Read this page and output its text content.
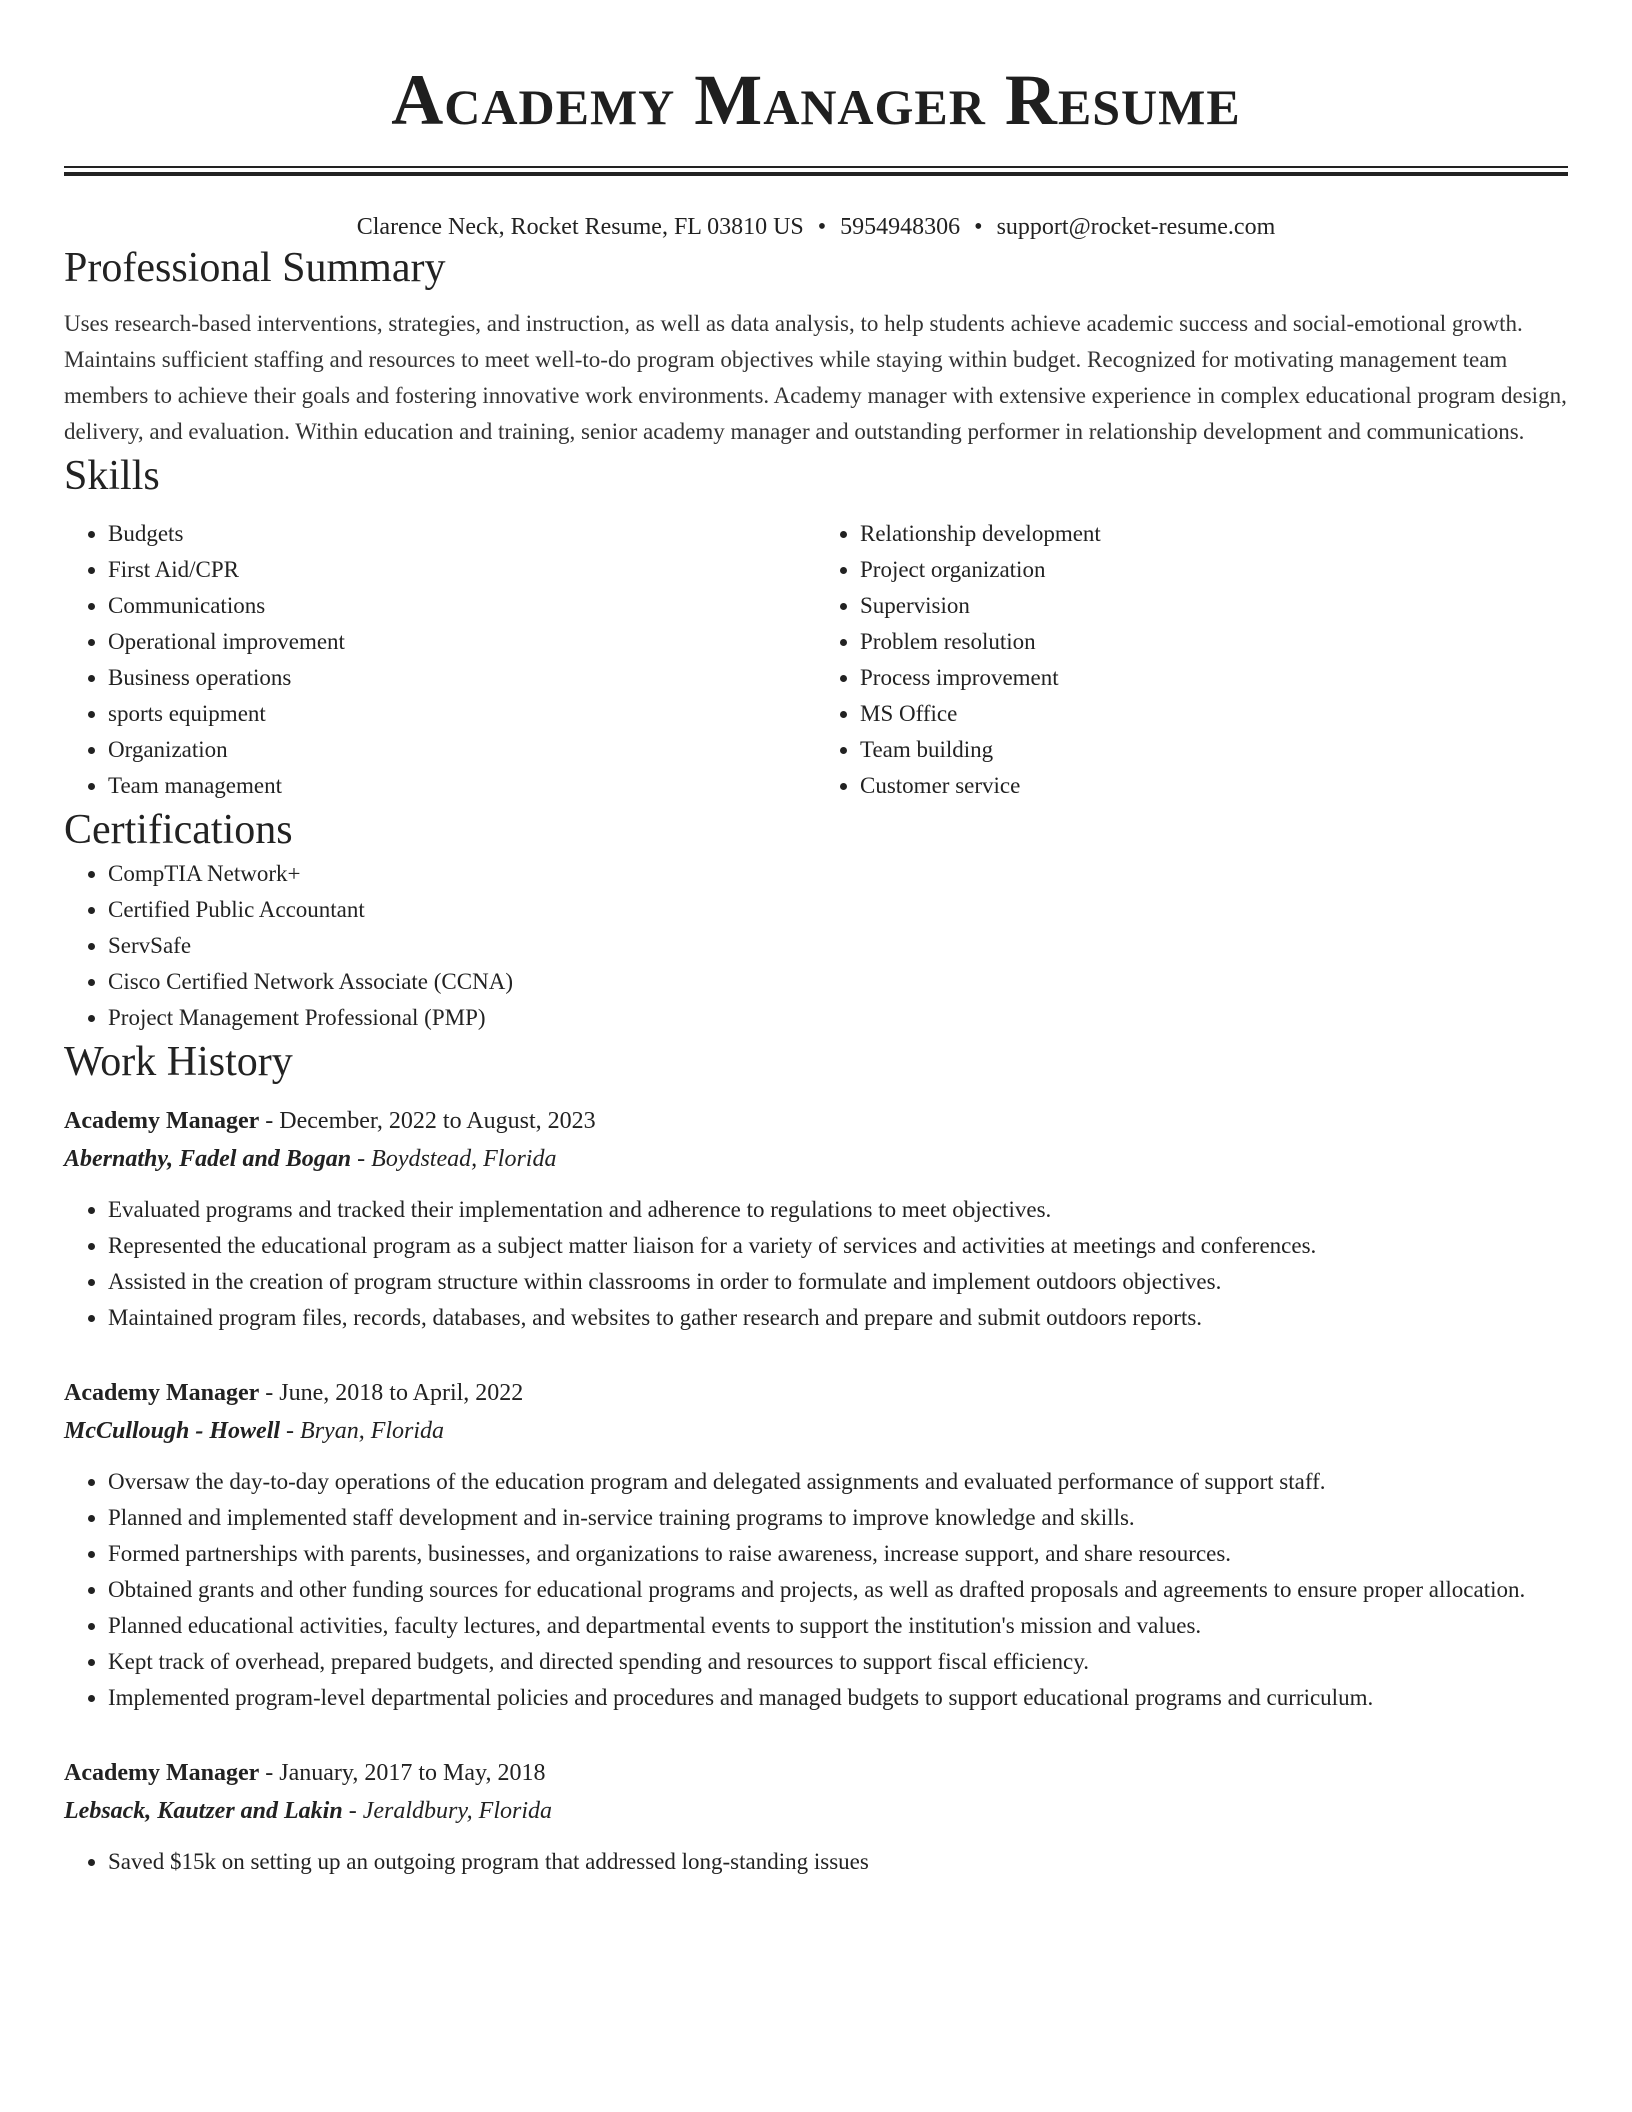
Academy Manager Resume
Clarence Neck, Rocket Resume, FL 03810 US • 5954948306 • support@rocket-resume.com
Professional Summary

Uses research-based interventions, strategies, and instruction, as well as data analysis, to help students achieve academic success and social-emotional growth. Maintains sufficient staffing and resources to meet well-to-do program objectives while staying within budget. Recognized for motivating management team members to achieve their goals and fostering innovative work environments. Academy manager with extensive experience in complex educational program design, delivery, and evaluation. Within education and training, senior academy manager and outstanding performer in relationship development and communications.

Skills
• Budgets
• First Aid/CPR
• Communications
• Operational improvement
• Business operations
• sports equipment
• Organization
• Team management
• Relationship development
• Project organization
• Supervision
• Problem resolution
• Process improvement
• MS Office
• Team building
• Customer service
Certifications
• CompTIA Network+
• Certified Public Accountant
• ServSafe
• Cisco Certified Network Associate (CCNA)
• Project Management Professional (PMP)
Work History
Academy Manager - December, 2022 to August, 2023
Abernathy, Fadel and Bogan - Boydstead, Florida
• Evaluated programs and tracked their implementation and adherence to regulations to meet objectives.
• Represented the educational program as a subject matter liaison for a variety of services and activities at meetings and conferences.
• Assisted in the creation of program structure within classrooms in order to formulate and implement outdoors objectives.
• Maintained program files, records, databases, and websites to gather research and prepare and submit outdoors reports.
Academy Manager - June, 2018 to April, 2022
McCullough - Howell - Bryan, Florida
• Oversaw the day-to-day operations of the education program and delegated assignments and evaluated performance of support staff.
• Planned and implemented staff development and in-service training programs to improve knowledge and skills.
• Formed partnerships with parents, businesses, and organizations to raise awareness, increase support, and share resources.
• Obtained grants and other funding sources for educational programs and projects, as well as drafted proposals and agreements to ensure proper allocation.
• Planned educational activities, faculty lectures, and departmental events to support the institution's mission and values.
• Kept track of overhead, prepared budgets, and directed spending and resources to support fiscal efficiency.
• Implemented program-level departmental policies and procedures and managed budgets to support educational programs and curriculum.
Academy Manager - January, 2017 to May, 2018
Lebsack, Kautzer and Lakin - Jeraldbury, Florida
• Saved $15k on setting up an outgoing program that addressed long-standing issues
